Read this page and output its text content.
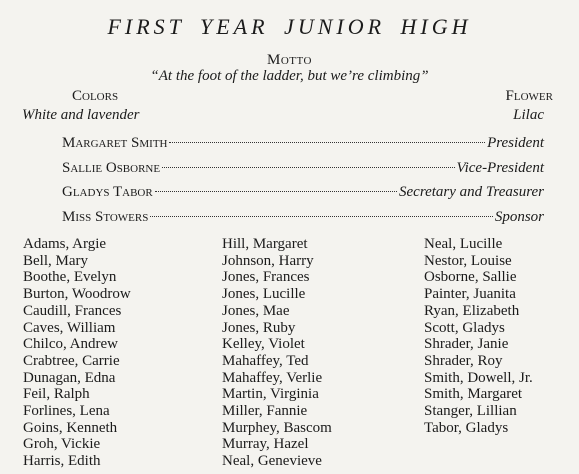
FIRST YEAR JUNIOR HIGH
Motto
“At the foot of the ladder, but we’re climbing”
Colors
White and lavender
Flower
Lilac
Margaret Smith	President
Sallie Osborne	Vice-President
Gladys Tabor	Secretary and Treasurer
Miss Stowers	Sponsor
Adams, Argie
Bell, Mary
Boothe, Evelyn
Burton, Woodrow
Caudill, Frances
Caves, William
Chilco, Andrew
Crabtree, Carrie
Dunagan, Edna
Feil, Ralph
Forlines, Lena
Goins, Kenneth
Groh, Vickie
Harris, Edith
Hill, Margaret
Johnson, Harry
Jones, Frances
Jones, Lucille
Jones, Mae
Jones, Ruby
Kelley, Violet
Mahaffey, Ted
Mahaffey, Verlie
Martin, Virginia
Miller, Fannie
Murphey, Bascom
Murray, Hazel
Neal, Genevieve
Neal, Lucille
Nestor, Louise
Osborne, Sallie
Painter, Juanita
Ryan, Elizabeth
Scott, Gladys
Shrader, Janie
Shrader, Roy
Smith, Dowell, Jr.
Smith, Margaret
Stanger, Lillian
Tabor, Gladys
